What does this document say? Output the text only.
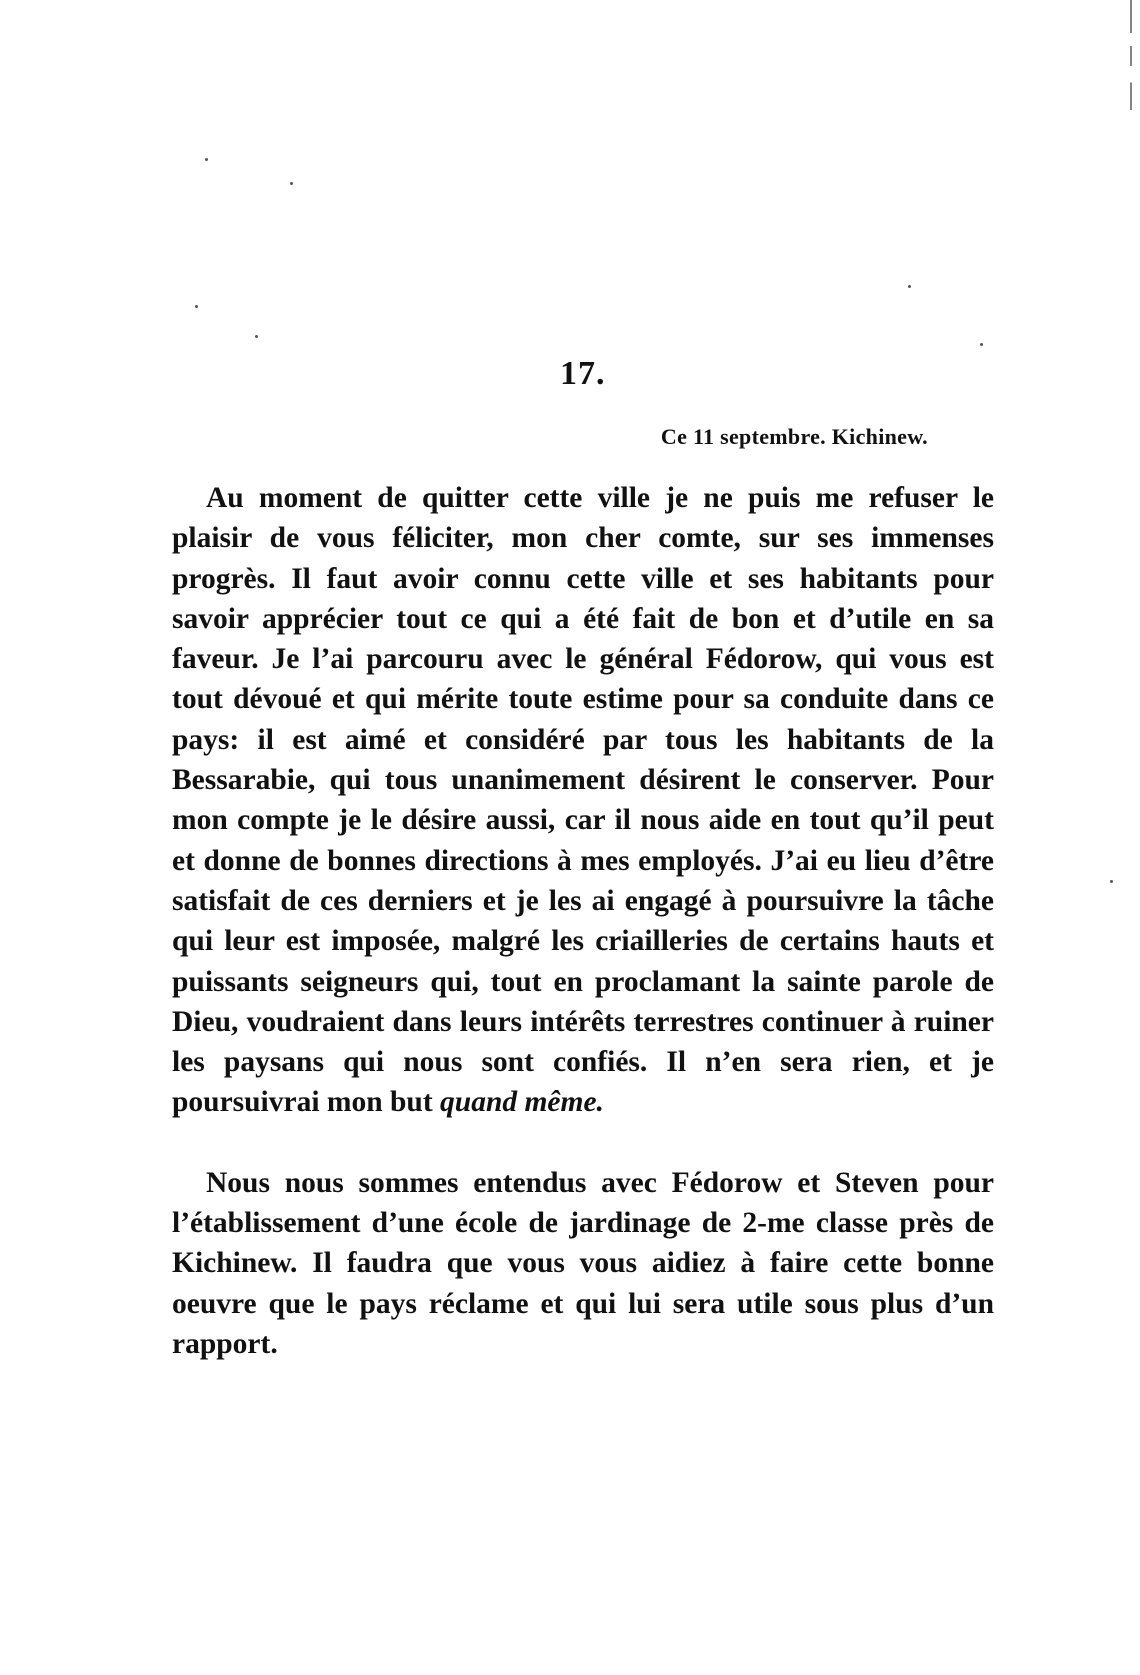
17.
Ce 11 septembre. Kichinew.

Au moment de quitter cette ville je ne puis me refuser le plaisir de vous féliciter, mon cher comte, sur ses immenses progrès. Il faut avoir connu cette ville et ses habitants pour savoir apprécier tout ce qui a été fait de bon et d’utile en sa faveur. Je l’ai parcouru avec le général Fédorow, qui vous est tout dévoué et qui mérite toute estime pour sa conduite dans ce pays: il est aimé et considéré par tous les habitants de la Bessarabie, qui tous unanimement désirent le conserver. Pour mon compte je le désire aussi, car il nous aide en tout qu’il peut et donne de bonnes directions à mes employés. J’ai eu lieu d’être satisfait de ces derniers et je les ai engagé à poursuivre la tâche qui leur est imposée, malgré les criailleries de certains hauts et puissants seigneurs qui, tout en proclamant la sainte parole de Dieu, voudraient dans leurs intérêts terrestres continuer à ruiner les paysans qui nous sont confiés. Il n’en sera rien, et je poursuivrai mon but quand même.

Nous nous sommes entendus avec Fédorow et Steven pour l’établissement d’une école de jardinage de 2-me classe près de Kichinew. Il faudra que vous vous aidiez à faire cette bonne oeuvre que le pays réclame et qui lui sera utile sous plus d’un rapport.
